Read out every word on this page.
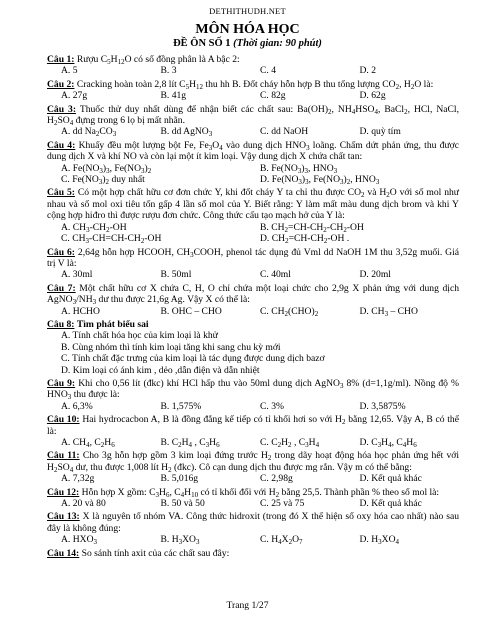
DETHITHUDH.NET
MÔN HÓA HỌC
ĐỀ ÔN SỐ 1 (Thời gian: 90 phút)
Câu 1: Rượu $C_5H_{12}O$ có số đồng phân là A bậc 2:
A. 5	B. 3	C. 4	D. 2
Câu 2: Cracking hoàn toàn 2,8 lít $C_5H_{12}$ thu hh B. Đốt cháy hỗn hợp B thu tổng lượng $CO_2$, $H_2O$ là:
A. 27g	B. 41g	C. 82g	D. 62g
Câu 3: Thuốc thử duy nhất dùng để nhận biết các chất sau: $Ba(OH)_2$, $NH_4HSO_4$, BaCl$_2$, HCl, NaCl, $H_2SO_4$ đựng trong 6 lọ bị mất nhãn.
A. dd $Na_2CO_3$	B. dd AgNO$_3$	C. dd NaOH	D. quỳ tím
Câu 4: Khuấy đều một lượng bột Fe, $Fe_3O_4$ vào dung dịch $HNO_3$ loãng. Chấm dứt phản ứng, thu được dung dịch X và khí NO và còn lại một ít kim loại. Vậy dung dịch X chứa chất tan:
A. $Fe(NO_3)_3$, $Fe(NO_3)_2$	B. $Fe(NO_3)_3$, $HNO_3$
C. $Fe(NO_3)_2$ duy nhất	D. $Fe(NO_3)_3$, $Fe(NO_3)_2$, $HNO_3$
Câu 5: Có một hợp chất hữu cơ đơn chức Y, khi đốt cháy Y ta chỉ thu được $CO_2$ và $H_2O$ với số mol như nhau và số mol oxi tiêu tốn gấp 4 lần số mol của Y. Biết rằng: Y làm mất màu dung dịch brom và khi Y cộng hợp hiđro thì được rượu đơn chức. Công thức cấu tạo mạch hở của Y là:
A. $CH_3-CH_2-OH$	B. $CH_2=CH-CH_2-CH_2-OH$
C. $CH_3-CH=CH-CH_2-OH$	D. $CH_2=CH-CH_2-OH$ .
Câu 6: 2,64g hỗn hợp HCOOH, $CH_3COOH$, phenol tác dụng đủ Vml dd NaOH 1M thu 3,52g muối. Giá trị V là:
A. 30ml	B. 50ml	C. 40ml	D. 20ml
Câu 7: Một chất hữu cơ X chứa C, H, O chỉ chứa một loại chức cho 2,9g X phản ứng với dung dịch $AgNO_3/NH_3$ dư thu được 21,6g Ag. Vậy X có thể là:
A. HCHO	B. OHC – CHO	C. $CH_2(CHO)_2$	D. $CH_3$ – CHO
Câu 8: Tìm phát biểu sai
A. Tính chất hóa học của kim loại là khử
B. Cùng nhóm thì tính kim loại tăng khi sang chu kỳ mới
C. Tính chất đặc trưng của kim loại là tác dụng được dung dịch bazơ
D. Kim loại có ánh kim , dẻo ,dẫn điện và dẫn nhiệt
Câu 9: Khi cho 0,56 lít (đkc) khí HCl hấp thu vào 50ml dung dịch AgNO$_3$ 8% (d=1,1g/ml). Nồng độ % $HNO_3$ thu được là:
A. 6,3%	B. 1,575%	C. 3%	D. 3,5875%
Câu 10: Hai hydrocacbon A, B là đồng đẳng kế tiếp có tỉ khối hơi so với $H_2$ bằng 12,65. Vậy A, B có thể là:
A. $CH_4$, $C_2H_6$	B. $C_2H_4$ , $C_3H_6$	C. $C_2H_2$ , $C_3H_4$	D. $C_3H_4$, $C_4H_6$
Câu 11: Cho 3g hỗn hợp gồm 3 kim loại đứng trước $H_2$ trong dãy hoạt động hóa học phản ứng hết với $H_2SO_4$ dư, thu được 1,008 lít $H_2$ (đkc). Cô cạn dung dịch thu được mg rắn. Vậy m có thể bằng:
A. 7,32g	B. 5,016g	C. 2,98g	D. Kết quả khác
Câu 12: Hỗn hợp X gồm: $C_3H_6$, $C_4H_{10}$ có tỉ khối đối với $H_2$ bằng 25,5. Thành phần % theo số mol là:
A. 20 và 80	B. 50 và 50	C. 25 và 75	D. Kết quả khác
Câu 13: X là nguyên tố nhóm VA. Công thức hidroxit (trong đó X thể hiện số oxy hóa cao nhất) nào sau đây là không đúng:
A. $HXO_3$	B. $H_3XO_3$	C. $H_4X_2O_7$	D. $H_3XO_4$
Câu 14: So sánh tính axit của các chất sau đây:
Trang 1/27
